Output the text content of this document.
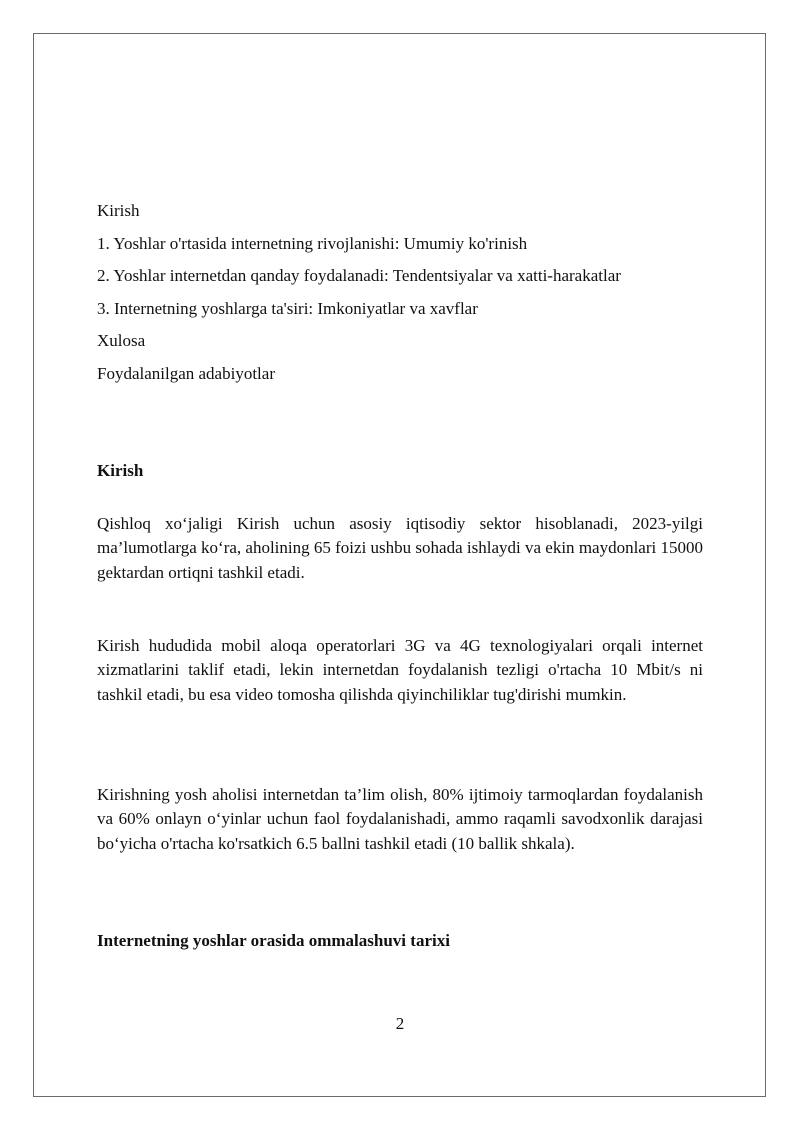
Kirish
1. Yoshlar o'rtasida internetning rivojlanishi: Umumiy ko'rinish
2. Yoshlar internetdan qanday foydalanadi: Tendentsiyalar va xatti-harakatlar
3. Internetning yoshlarga ta'siri: Imkoniyatlar va xavflar
Xulosa
Foydalanilgan adabiyotlar
Kirish
Qishloq xo‘jaligi Kirish uchun asosiy iqtisodiy sektor hisoblanadi, 2023-yilgi ma’lumotlarga ko‘ra, aholining 65 foizi ushbu sohada ishlaydi va ekin maydonlari 15000 gektardan ortiqni tashkil etadi.
Kirish hududida mobil aloqa operatorlari 3G va 4G texnologiyalari orqali internet xizmatlarini taklif etadi, lekin internetdan foydalanish tezligi o'rtacha 10 Mbit/s ni tashkil etadi, bu esa video tomosha qilishda qiyinchiliklar tug'dirishi mumkin.
Kirishning yosh aholisi internetdan ta’lim olish, 80% ijtimoiy tarmoqlardan foydalanish va 60% onlayn o‘yinlar uchun faol foydalanishadi, ammo raqamli savodxonlik darajasi bo‘yicha o'rtacha ko'rsatkich 6.5 ballni tashkil etadi (10 ballik shkala).
Internetning yoshlar orasida ommalashuvi tarixi
2
